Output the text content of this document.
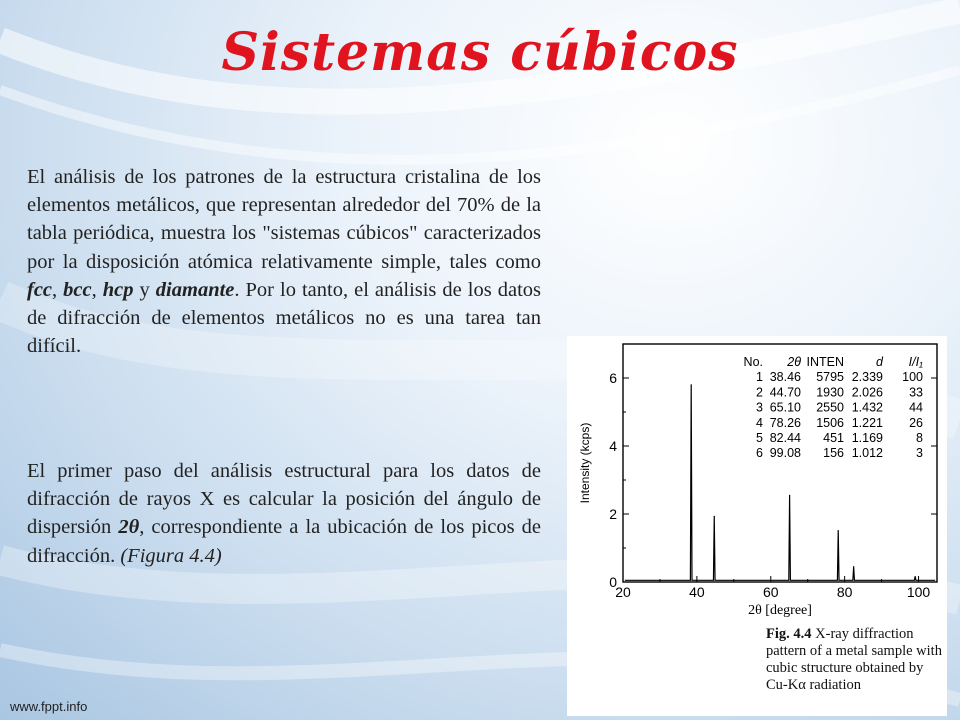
Sistemas cúbicos

El análisis de los patrones de la estructura cristalina de los elementos metálicos, que representan alrededor del 70% de la tabla periódica, muestra los "sistemas cúbicos" caracterizados por la disposición atómica relativamente simple, tales como fcc, bcc, hcp y diamante. Por lo tanto, el análisis de los datos de difracción de elementos metálicos no es una tarea tan difícil.

El primer paso del análisis estructural para los datos de difracción de rayos X es calcular la posición del ángulo de dispersión 2θ, correspondiente a la ubicación de los picos de difracción. (Figura 4.4)

0
2
4
6
20	40	60	80	100
Intensity (kcps)
2θ [degree]
No. 2θ INTEN	d I/I₁
1 38.46 5795 2.339 100
2 44.70 1930 2.026 33
3 65.10 2550 1.432 44
4 78.26 1506 1.221 26
5 82.44 451 1.169	8
6 99.08 156 1.012	3
Fig. 4.4 X-ray diffraction pattern of a metal sample with cubic structure obtained by Cu-Kα radiation
www.fppt.info
